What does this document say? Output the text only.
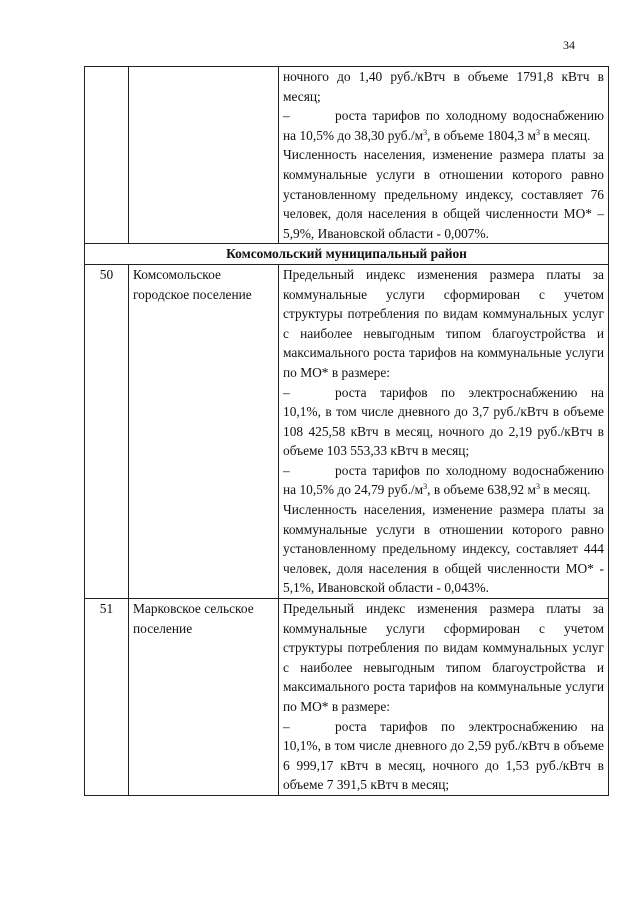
34

		ночного до 1,40 руб./кВтч в объеме 1791,8 кВтч в месяц;
– роста тарифов по холодному водоснабжению на 10,5% до 38,30 $руб./м^3$, в объеме 1804,3 $м^3$ в месяц.
Численность населения, изменение размера платы за коммунальные услуги в отношении которого равно установленному предельному индексу, составляет 76 человек, доля населения в общей численности МО* – 5,9%, Ивановской области - 0,007%.

Комсомольский муниципальный район		
50	Комсомольское городское поселение	Предельный индекс изменения размера платы за коммунальные услуги сформирован с учетом структуры потребления по видам коммунальных услуг с наиболее невыгодным типом благоустройства и максимального роста тарифов на коммунальные услуги по МО* в размере:
– роста тарифов по электроснабжению на 10,1%, в том числе дневного до 3,7 руб./кВтч в объеме 108 425,58 кВтч в месяц, ночного до 2,19 руб./кВтч в объеме 103 553,33 кВтч в месяц;
– роста тарифов по холодному водоснабжению на 10,5% до 24,79 $руб./м^3$, в объеме 638,92 $м^3$ в месяц.
Численность населения, изменение размера платы за коммунальные услуги в отношении которого равно установленному предельному индексу, составляет 444 человек, доля населения в общей численности МО* - 5,1%, Ивановской области - 0,043%.

51	Марковское сельское поселение	Предельный индекс изменения размера платы за коммунальные услуги сформирован с учетом структуры потребления по видам коммунальных услуг с наиболее невыгодным типом благоустройства и максимального роста тарифов на коммунальные услуги по МО* в размере:
– роста тарифов по электроснабжению на 10,1%, в том числе дневного до 2,59 руб./кВтч в объеме 6 999,17 кВтч в месяц, ночного до 1,53 руб./кВтч в объеме 7 391,5 кВтч в месяц;
